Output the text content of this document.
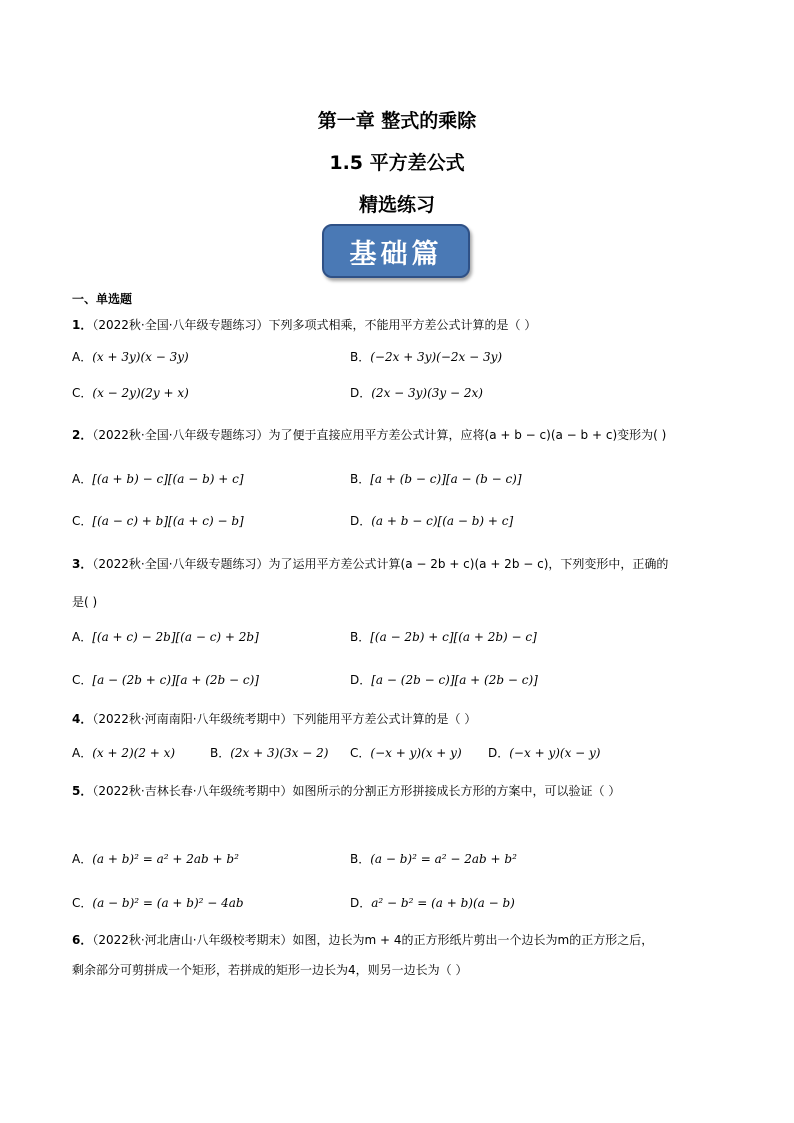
第一章 整式的乘除
1.5 平方差公式
精选练习
基础篇
一、单选题
1．（2022秋·全国·八年级专题练习）下列多项式相乘，不能用平方差公式计算的是（ ）
A．(x + 3y)(x − 3y)	B．(−2x + 3y)(−2x − 3y)
C．(x − 2y)(2y + x)	D．(2x − 3y)(3y − 2x)
2．（2022秋·全国·八年级专题练习）为了便于直接应用平方差公式计算，应将(a + b − c)(a − b + c)变形为( )
A．[(a + b) − c][(a − b) + c]	B．[a + (b − c)][a − (b − c)]
C．[(a − c) + b][(a + c) − b]	D．(a + b − c)[(a − b) + c]
3．（2022秋·全国·八年级专题练习）为了运用平方差公式计算(a − 2b + c)(a + 2b − c)，下列变形中，正确的
是( )
A．[(a + c) − 2b][(a − c) + 2b]	B．[(a − 2b) + c][(a + 2b) − c]
C．[a − (2b + c)][a + (2b − c)]	D．[a − (2b − c)][a + (2b − c)]
4．（2022秋·河南南阳·八年级统考期中）下列能用平方差公式计算的是（ ）
A．(x + 2)(2 + x)	B．(2x + 3)(3x − 2) C．(−x + y)(x + y) D．(−x + y)(x − y)
5．（2022秋·吉林长春·八年级统考期中）如图所示的分割正方形拼接成长方形的方案中，可以验证（ ）
A．(a + b)² = a² + 2ab + b²	B．(a − b)² = a² − 2ab + b²
C．(a − b)² = (a + b)² − 4ab	D．a² − b² = (a + b)(a − b)
6．（2022秋·河北唐山·八年级校考期末）如图，边长为m + 4的正方形纸片剪出一个边长为m的正方形之后，
剩余部分可剪拼成一个矩形，若拼成的矩形一边长为4，则另一边长为（ ）
